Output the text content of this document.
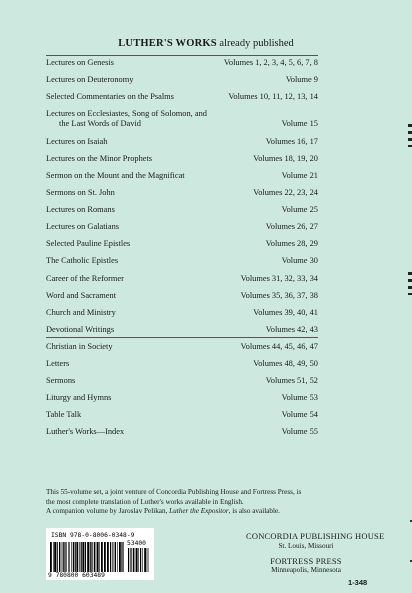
LUTHER'S WORKS already published
Lectures on Genesis	Volumes 1, 2, 3, 4, 5, 6, 7, 8
Lectures on Deuteronomy	Volume 9
Selected Commentaries on the Psalms	Volumes 10, 11, 12, 13, 14
Lectures on Ecclesiastes, Song of Solomon, and
the Last Words of David	Volume 15
Lectures on Isaiah	Volumes 16, 17
Lectures on the Minor Prophets	Volumes 18, 19, 20
Sermon on the Mount and the Magnificat	Volume 21
Sermons on St. John	Volumes 22, 23, 24
Lectures on Romans	Volume 25
Lectures on Galatians	Volumes 26, 27
Selected Pauline Epistles	Volumes 28, 29
The Catholic Epistles	Volume 30
Career of the Reformer	Volumes 31, 32, 33, 34
Word and Sacrament	Volumes 35, 36, 37, 38
Church and Ministry	Volumes 39, 40, 41
Devotional Writings	Volumes 42, 43
Christian in Society	Volumes 44, 45, 46, 47
Letters	Volumes 48, 49, 50
Sermons	Volumes 51, 52
Liturgy and Hymns	Volume 53
Table Talk	Volume 54
Luther's Works—Index	Volume 55
This 55-volume set, a joint venture of Concordia Publishing House and Fortress Press, is
the most complete translation of Luther's works available in English.
A companion volume by Jaroslav Pelikan, Luther the Expositor, is also available.
ISBN 978-0-8006-0348-9
53400
9 780800 603489
CONCORDIA PUBLISHING HOUSE
St. Louis, Missouri
FORTRESS PRESS
Minneapolis, Minnesota
1-348
